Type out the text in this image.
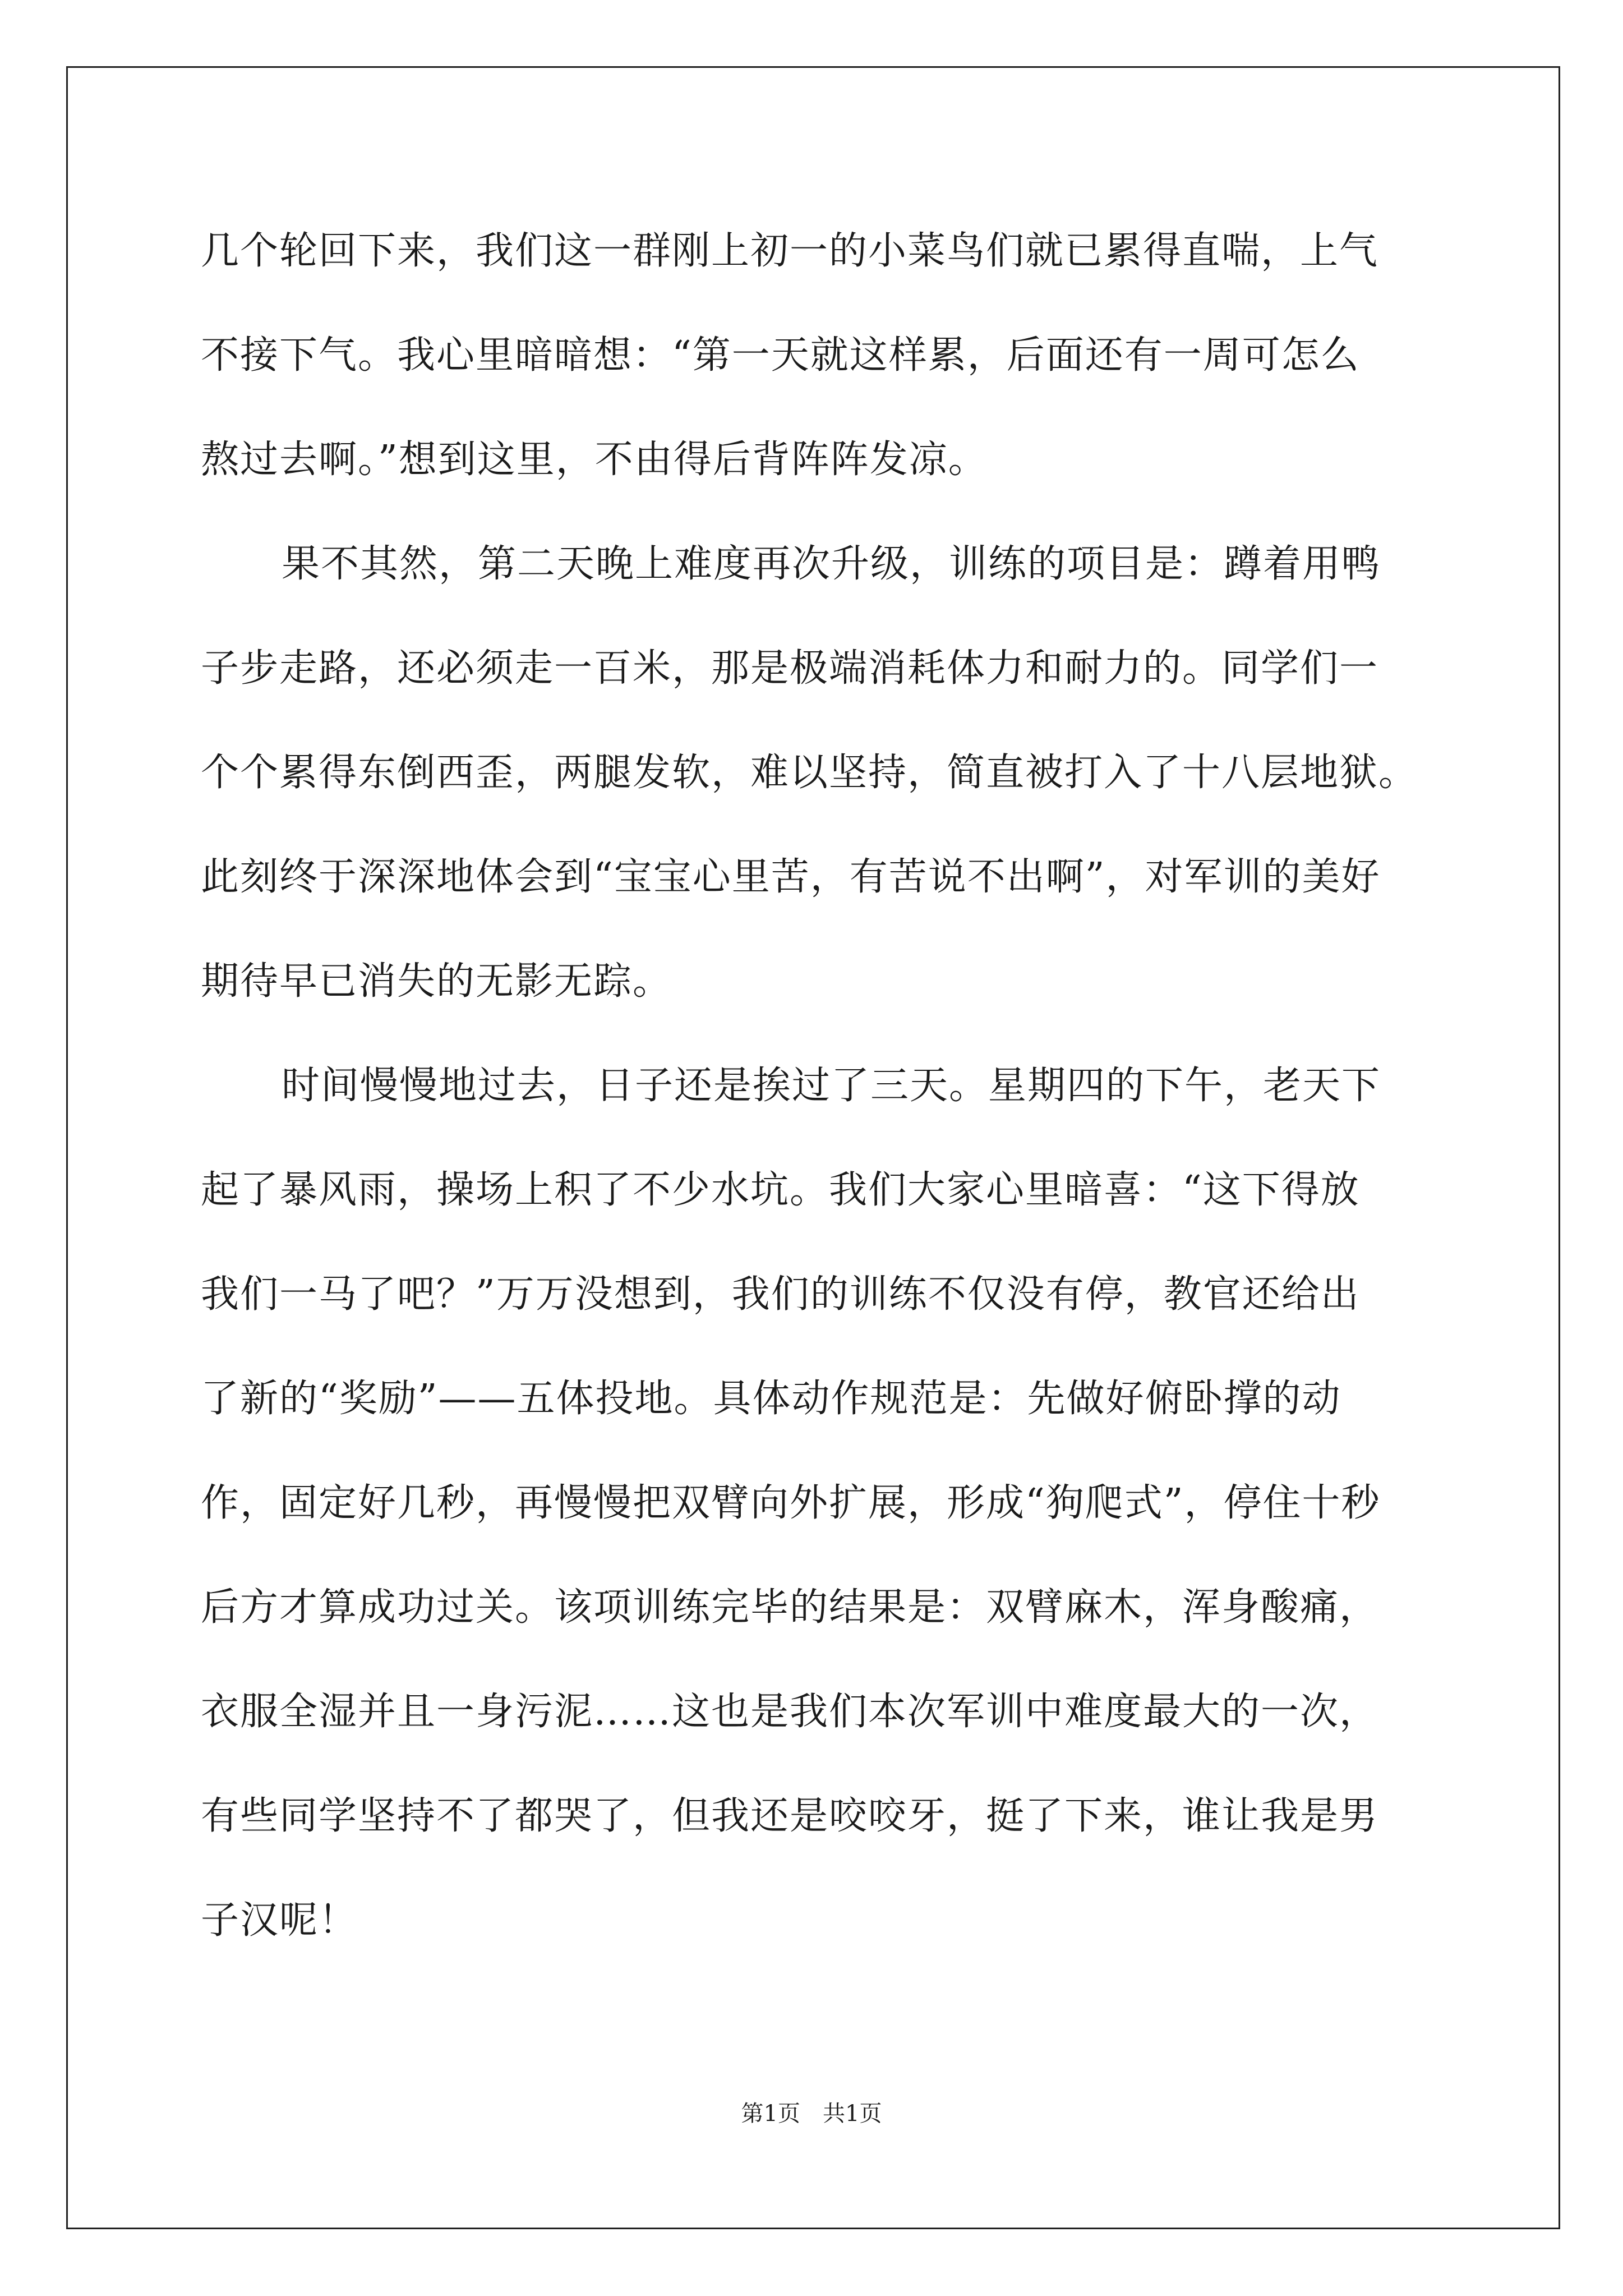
几个轮回下来，我们这一群刚上初一的小菜鸟们就已累得直喘，上气
不接下气。我心里暗暗想：“第一天就这样累，后面还有一周可怎么
熬过去啊。”想到这里，不由得后背阵阵发凉。
果不其然，第二天晚上难度再次升级，训练的项目是：蹲着用鸭
子步走路，还必须走一百米，那是极端消耗体力和耐力的。同学们一
个个累得东倒西歪，两腿发软，难以坚持，简直被打入了十八层地狱。
此刻终于深深地体会到“宝宝心里苦，有苦说不出啊”，对军训的美好
期待早已消失的无影无踪。
时间慢慢地过去，日子还是挨过了三天。星期四的下午，老天下
起了暴风雨，操场上积了不少水坑。我们大家心里暗喜：“这下得放
我们一马了吧？”万万没想到，我们的训练不仅没有停，教官还给出
了新的“奖励”——五体投地。具体动作规范是：先做好俯卧撑的动
作，固定好几秒，再慢慢把双臂向外扩展，形成“狗爬式”，停住十秒
后方才算成功过关。该项训练完毕的结果是：双臂麻木，浑身酸痛，
衣服全湿并且一身污泥……这也是我们本次军训中难度最大的一次，
有些同学坚持不了都哭了，但我还是咬咬牙，挺了下来，谁让我是男
子汉呢！
第1页 共1页
